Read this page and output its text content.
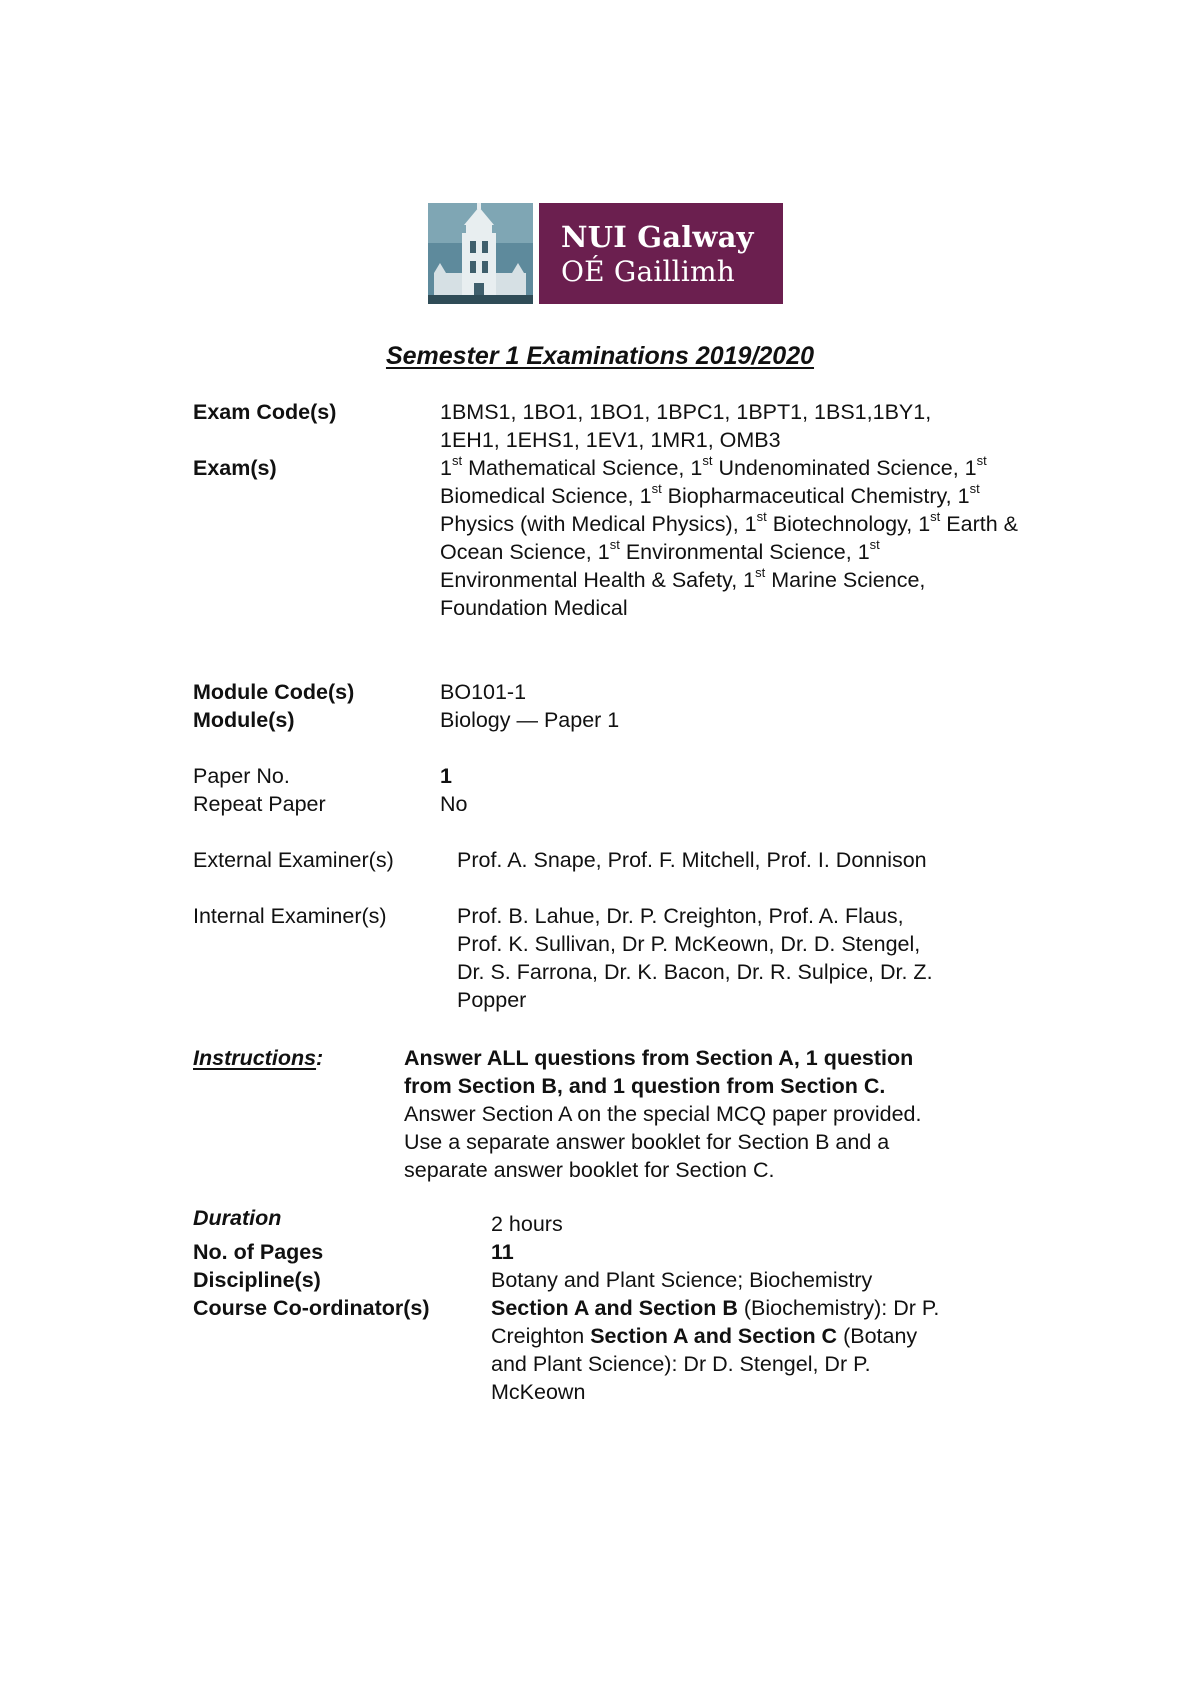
NUI Galway
OÉ Gaillimh
Semester 1 Examinations 2019/2020
Exam Code(s)	1BMS1, 1BO1, 1BO1, 1BPC1, 1BPT1, 1BS1,1BY1,
1EH1, 1EHS1, 1EV1, 1MR1, OMB3
Exam(s)	1st Mathematical Science, 1st Undenominated Science, 1st Biomedical Science, 1st Biopharmaceutical Chemistry, 1st Physics (with Medical Physics), 1st Biotechnology, 1st Earth & Ocean Science, 1st Environmental Science, 1st Environmental Health & Safety, 1st Marine Science, Foundation Medical
Module Code(s)	BO101-1
Module(s)	Biology — Paper 1
Paper No.	1
Repeat Paper	No
External Examiner(s)	Prof. A. Snape, Prof. F. Mitchell, Prof. I. Donnison
Internal Examiner(s)	Prof. B. Lahue, Dr. P. Creighton, Prof. A. Flaus,
Prof. K. Sullivan, Dr P. McKeown, Dr. D. Stengel,
Dr. S. Farrona, Dr. K. Bacon, Dr. R. Sulpice, Dr. Z.
Popper
Instructions:	Answer ALL questions from Section A, 1 question
from Section B, and 1 question from Section C.
Answer Section A on the special MCQ paper provided.
Use a separate answer booklet for Section B and a
separate answer booklet for Section C.
Duration	2 hours
No. of Pages	11
Discipline(s)	Botany and Plant Science; Biochemistry
Course Co-ordinator(s)	Section A and Section B (Biochemistry): Dr P.
Creighton Section A and Section C (Botany
and Plant Science): Dr D. Stengel, Dr P.
McKeown
